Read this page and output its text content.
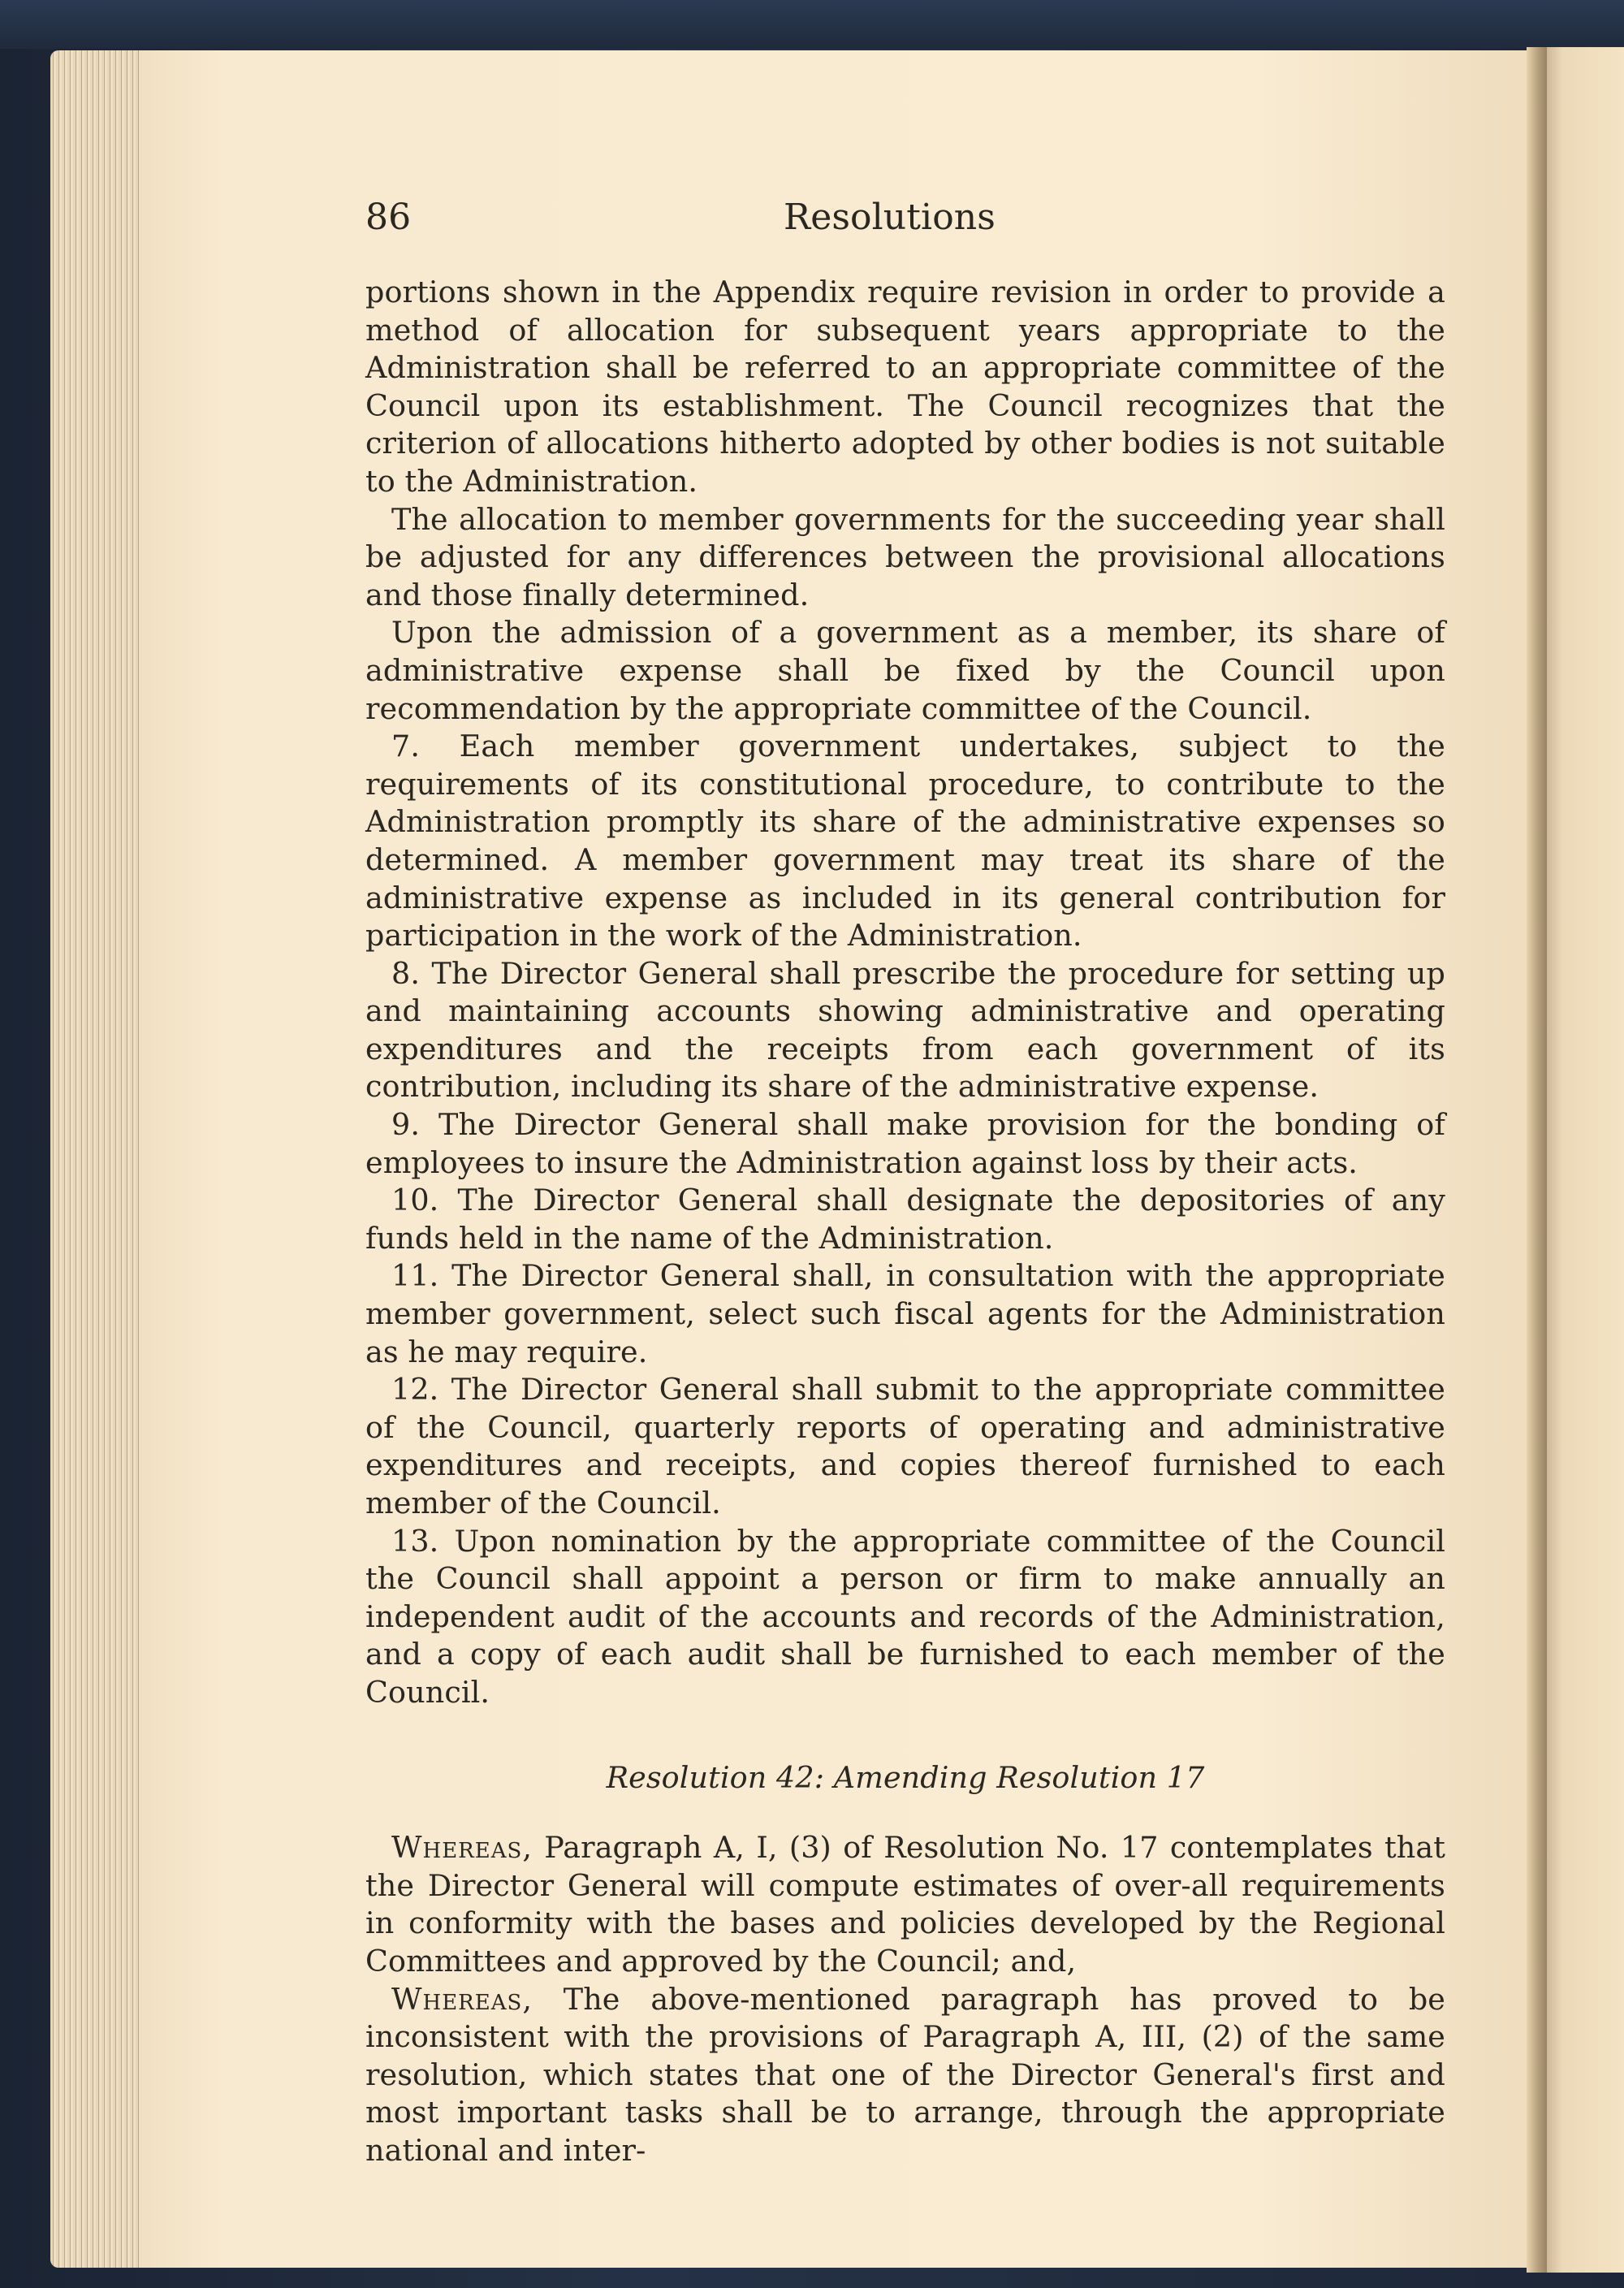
86	Resolutions

portions shown in the Appendix require revision in order to provide a method of allocation for subsequent years appropriate to the Administration shall be referred to an appropriate committee of the Council upon its establishment. The Council recognizes that the criterion of allocations hitherto adopted by other bodies is not suitable to the Administration.

The allocation to member governments for the succeeding year shall be adjusted for any differences between the provisional allocations and those finally determined.

Upon the admission of a government as a member, its share of administrative expense shall be fixed by the Council upon recommendation by the appropriate committee of the Council.

7. Each member government undertakes, subject to the requirements of its constitutional procedure, to contribute to the Administration promptly its share of the administrative expenses so determined. A member government may treat its share of the administrative expense as included in its general contribution for participation in the work of the Administration.

8. The Director General shall prescribe the procedure for setting up and maintaining accounts showing administrative and operating expenditures and the receipts from each government of its contribution, including its share of the administrative expense.

9. The Director General shall make provision for the bonding of employees to insure the Administration against loss by their acts.

10. The Director General shall designate the depositories of any funds held in the name of the Administration.

11. The Director General shall, in consultation with the appropriate member government, select such fiscal agents for the Administration as he may require.

12. The Director General shall submit to the appropriate committee of the Council, quarterly reports of operating and administrative expenditures and receipts, and copies thereof furnished to each member of the Council.

13. Upon nomination by the appropriate committee of the Council the Council shall appoint a person or firm to make annually an independent audit of the accounts and records of the Administration, and a copy of each audit shall be furnished to each member of the Council.

Resolution 42: Amending Resolution 17

Whereas, Paragraph A, I, (3) of Resolution No. 17 contemplates that the Director General will compute estimates of over-all requirements in conformity with the bases and policies developed by the Regional Committees and approved by the Council; and,

Whereas, The above-mentioned paragraph has proved to be inconsistent with the provisions of Paragraph A, III, (2) of the same resolution, which states that one of the Director General's first and most important tasks shall be to arrange, through the appropriate national and inter-
